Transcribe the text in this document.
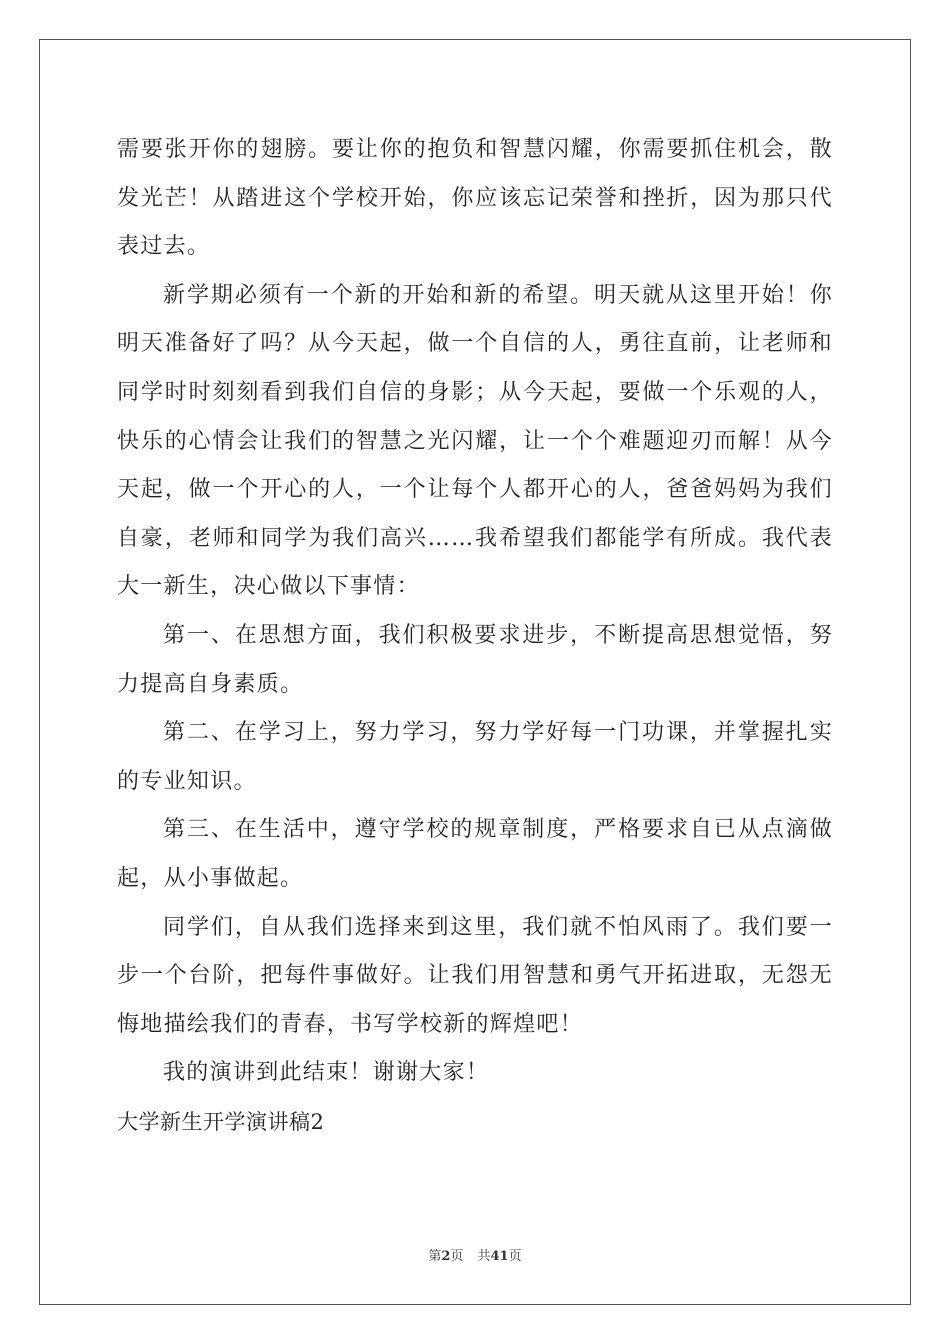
需要张开你的翅膀。要让你的抱负和智慧闪耀，你需要抓住机会，散发光芒！从踏进这个学校开始，你应该忘记荣誉和挫折，因为那只代表过去。

新学期必须有一个新的开始和新的希望。明天就从这里开始！你明天准备好了吗？从今天起，做一个自信的人，勇往直前，让老师和同学时时刻刻看到我们自信的身影；从今天起，要做一个乐观的人，快乐的心情会让我们的智慧之光闪耀，让一个个难题迎刃而解！从今天起，做一个开心的人，一个让每个人都开心的人，爸爸妈妈为我们自豪，老师和同学为我们高兴……我希望我们都能学有所成。我代表大一新生，决心做以下事情：

第一、在思想方面，我们积极要求进步，不断提高思想觉悟，努力提高自身素质。

第二、在学习上，努力学习，努力学好每一门功课，并掌握扎实的专业知识。

第三、在生活中，遵守学校的规章制度，严格要求自已从点滴做起，从小事做起。

同学们，自从我们选择来到这里，我们就不怕风雨了。我们要一步一个台阶，把每件事做好。让我们用智慧和勇气开拓进取，无怨无悔地描绘我们的青春，书写学校新的辉煌吧！

我的演讲到此结束！谢谢大家！

大学新生开学演讲稿2

第2页 共41页
